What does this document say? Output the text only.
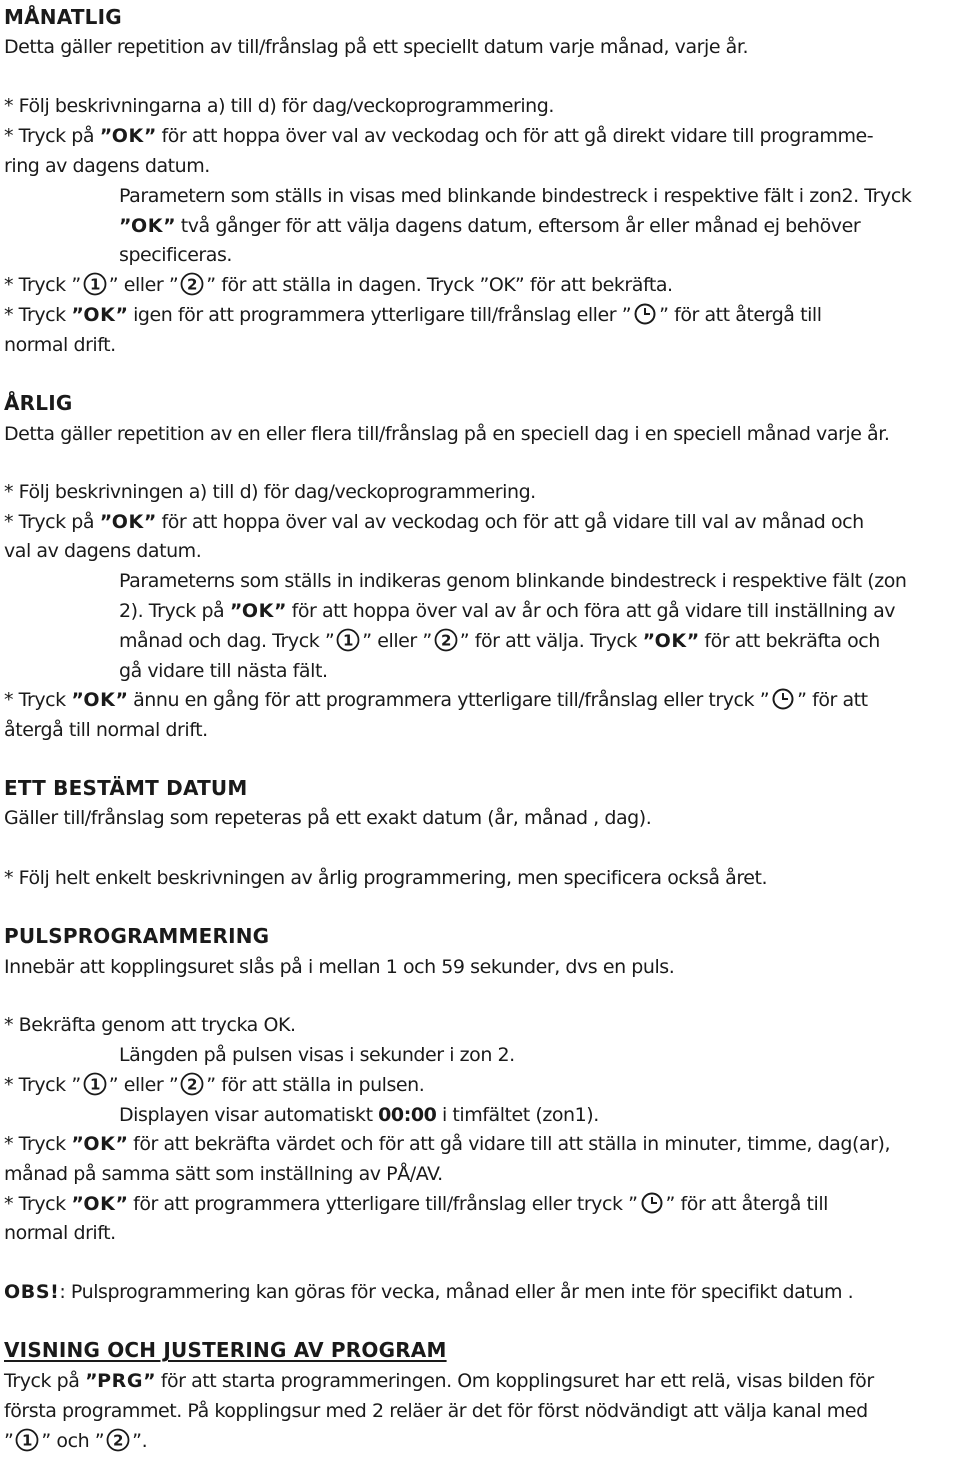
MÅNATLIG
Detta gäller repetition av till/frånslag på ett speciellt datum varje månad, varje år.
* Följ beskrivningarna a) till d) för dag/veckoprogrammering.
* Tryck på ”OK” för att hoppa över val av veckodag och för att gå direkt vidare till programme-
ring av dagens datum.
Parametern som ställs in visas med blinkande bindestreck i respektive fält i zon2. Tryck
”OK” två gånger för att välja dagens datum, eftersom år eller månad ej behöver
specificeras.
* Tryck ” 1 ” eller ” 2 ” för att ställa in dagen. Tryck ”OK” för att bekräfta.
* Tryck ”OK” igen för att programmera ytterligare till/frånslag eller ” ” för att återgå till
normal drift.
ÅRLIG
Detta gäller repetition av en eller flera till/frånslag på en speciell dag i en speciell månad varje år.
* Följ beskrivningen a) till d) för dag/veckoprogrammering.
* Tryck på ”OK” för att hoppa över val av veckodag och för att gå vidare till val av månad och
val av dagens datum.
Parameterns som ställs in indikeras genom blinkande bindestreck i respektive fält (zon
2). Tryck på ”OK” för att hoppa över val av år och föra att gå vidare till inställning av
månad och dag. Tryck ” 1 ” eller ” 2 ” för att välja. Tryck ”OK” för att bekräfta och
gå vidare till nästa fält.
* Tryck ”OK” ännu en gång för att programmera ytterligare till/frånslag eller tryck ” ” för att
återgå till normal drift.
ETT BESTÄMT DATUM
Gäller till/frånslag som repeteras på ett exakt datum (år, månad , dag).
* Följ helt enkelt beskrivningen av årlig programmering, men specificera också året.
PULSPROGRAMMERING
Innebär att kopplingsuret slås på i mellan 1 och 59 sekunder, dvs en puls.
* Bekräfta genom att trycka OK.
Längden på pulsen visas i sekunder i zon 2.
* Tryck ” 1 ” eller ” 2 ” för att ställa in pulsen.
Displayen visar automatiskt 00:00 i timfältet (zon1).
* Tryck ”OK” för att bekräfta värdet och för att gå vidare till att ställa in minuter, timme, dag(ar),
månad på samma sätt som inställning av PÅ/AV.
* Tryck ”OK” för att programmera ytterligare till/frånslag eller tryck ” ” för att återgå till
normal drift.
OBS!: Pulsprogrammering kan göras för vecka, månad eller år men inte för specifikt datum .
VISNING OCH JUSTERING AV PROGRAM
Tryck på ”PRG” för att starta programmeringen. Om kopplingsuret har ett relä, visas bilden för
första programmet. På kopplingsur med 2 reläer är det för först nödvändigt att välja kanal med
” 1 ” och ” 2 ”.
